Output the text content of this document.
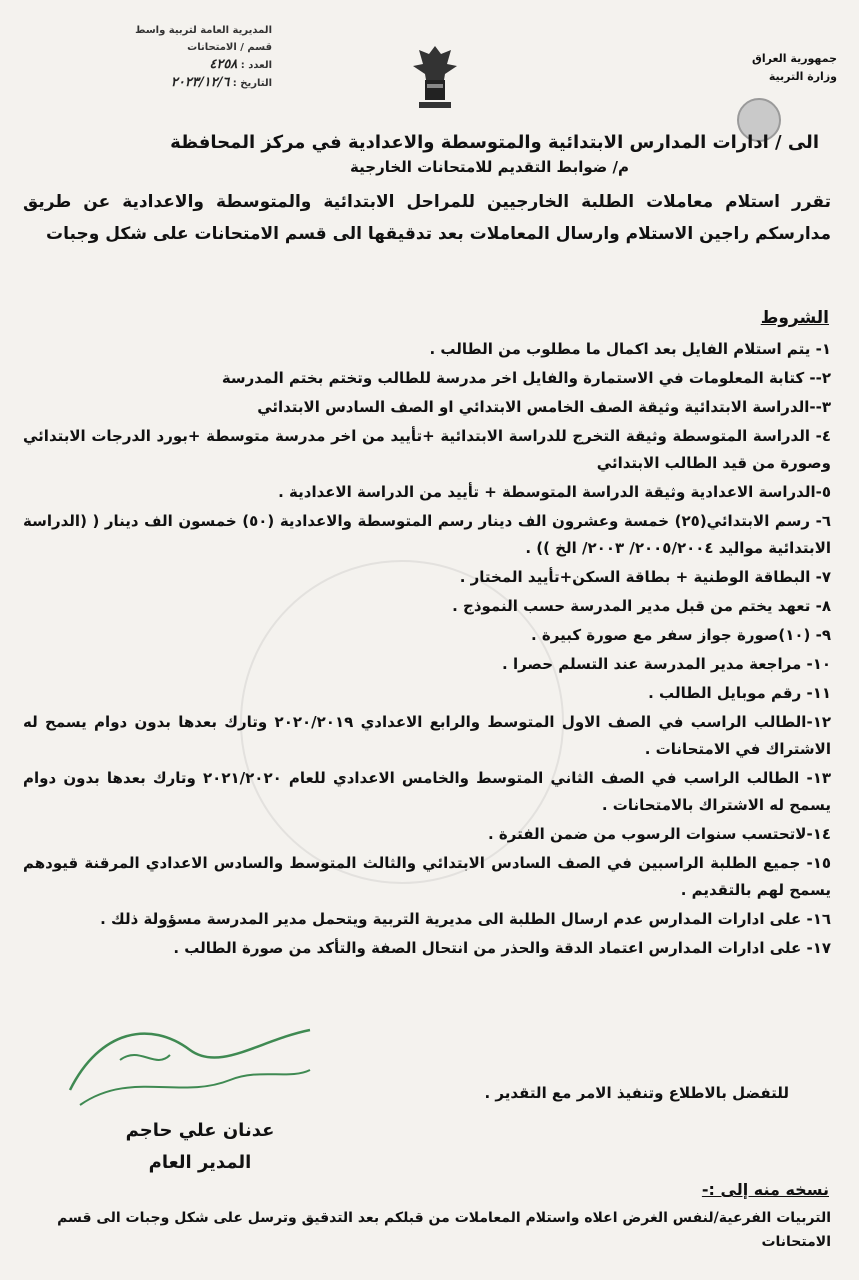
جمهورية العراق
وزارة التربية
المديرية العامة لتربية واسط
قسم / الامتحانات
العدد : ٤٢٥٨
التاريخ : ٢٠٢٣/١٢/٦
الى / ادارات المدارس الابتدائية والمتوسطة والاعدادية في مركز المحافظة
م/ ضوابط التقديم للامتحانات الخارجية
تقرر استلام معاملات الطلبة الخارجيين للمراحل الابتدائية والمتوسطة والاعدادية عن طريق مدارسكم راجين الاستلام وارسال المعاملات بعد تدقيقها الى قسم الامتحانات على شكل وجبات
الشروط

١- يتم استلام الفايل بعد اكمال ما مطلوب من الطالب .

٢-- كتابة المعلومات في الاستمارة والفايل اخر مدرسة للطالب وتختم بختم المدرسة

٣--الدراسة الابتدائية وثيقة الصف الخامس الابتدائي او الصف السادس الابتدائي

٤- الدراسة المتوسطة وثيقة التخرج للدراسة الابتدائية +تأييد من اخر مدرسة متوسطة +بورد الدرجات الابتدائي وصورة من قيد الطالب الابتدائي

٥-الدراسة الاعدادية وثيقة الدراسة المتوسطة + تأييد من الدراسة الاعدادية .

٦- رسم الابتدائي(٢٥) خمسة وعشرون الف دينار رسم المتوسطة والاعدادية (٥٠) خمسون الف دينار ( (الدراسة الابتدائية مواليد ٢٠٠٥/٢٠٠٤/ ٢٠٠٣/ الخ )) .

٧- البطاقة الوطنية + بطاقة السكن+تأييد المختار .

٨- تعهد يختم من قبل مدير المدرسة حسب النموذج .

٩- (١٠)صورة جواز سفر مع صورة كبيرة .

١٠- مراجعة مدير المدرسة عند التسلم حصرا .

١١- رقم موبايل الطالب .

١٢-الطالب الراسب في الصف الاول المتوسط والرابع الاعدادي ٢٠٢٠/٢٠١٩ وتارك بعدها بدون دوام يسمح له الاشتراك في الامتحانات .

١٣- الطالب الراسب في الصف الثاني المتوسط والخامس الاعدادي للعام ٢٠٢١/٢٠٢٠ وتارك بعدها بدون دوام يسمح له الاشتراك بالامتحانات .

١٤-لاتحتسب سنوات الرسوب من ضمن الفترة .

١٥- جميع الطلبة الراسبين في الصف السادس الابتدائي والثالث المتوسط والسادس الاعدادي المرقنة قيودهم يسمح لهم بالتقديم .

١٦- على ادارات المدارس عدم ارسال الطلبة الى مديرية التربية ويتحمل مدير المدرسة مسؤولة ذلك .

١٧- على ادارات المدارس اعتماد الدقة والحذر من انتحال الصفة والتأكد من صورة الطالب .

للتفضل بالاطلاع وتنفيذ الامر مع التقدير .
عدنان علي حاجم
المدير العام
نسخه منه إلى :-
التربيات الفرعية/لنفس الغرض اعلاه واستلام المعاملات من قبلكم بعد التدقيق وترسل على شكل وجبات الى قسم الامتحانات
